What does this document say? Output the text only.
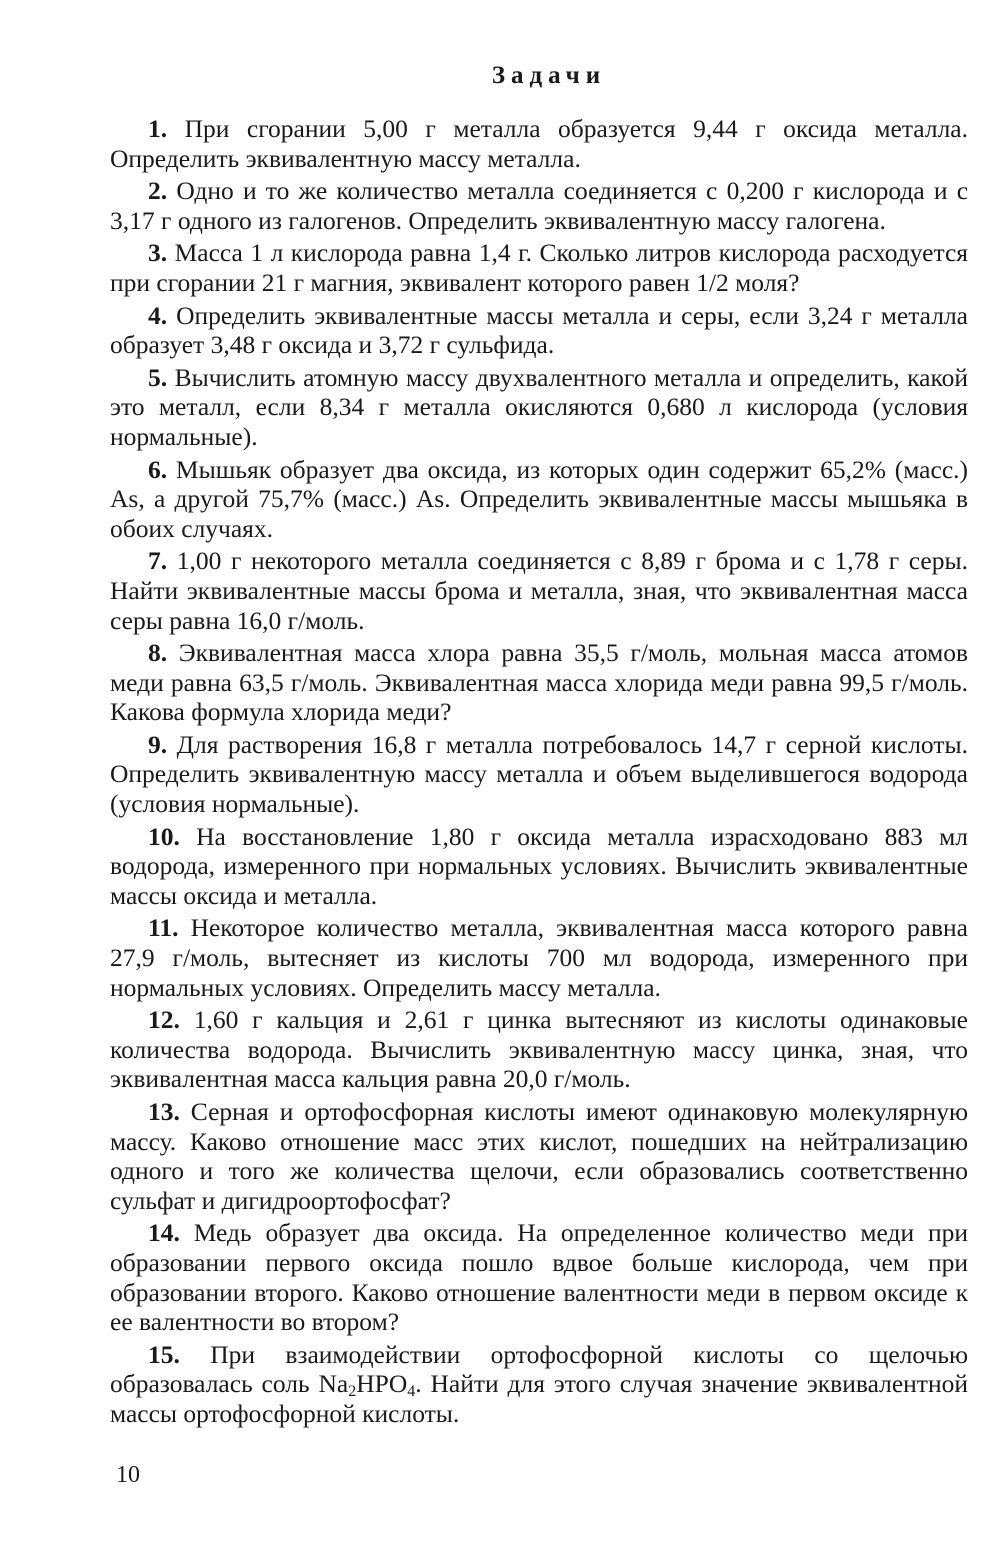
Задачи

1. При сгорании 5,00 г металла образуется 9,44 г оксида металла. Определить эквивалентную массу металла.

2. Одно и то же количество металла соединяется с 0,200 г кислорода и с 3,17 г одного из галогенов. Определить эквивалентную массу галогена.

3. Масса 1 л кислорода равна 1,4 г. Сколько литров кислорода расходуется при сгорании 21 г магния, эквивалент которого равен 1/2 моля?

4. Определить эквивалентные массы металла и серы, если 3,24 г металла образует 3,48 г оксида и 3,72 г сульфида.

5. Вычислить атомную массу двухвалентного металла и определить, какой это металл, если 8,34 г металла окисляются 0,680 л кислорода (условия нормальные).

6. Мышьяк образует два оксида, из которых один содержит 65,2% (масс.) As, а другой 75,7% (масс.) As. Определить эквивалентные массы мышьяка в обоих случаях.

7. 1,00 г некоторого металла соединяется с 8,89 г брома и с 1,78 г серы. Найти эквивалентные массы брома и металла, зная, что эквивалентная масса серы равна 16,0 г/моль.

8. Эквивалентная масса хлора равна 35,5 г/моль, мольная масса атомов меди равна 63,5 г/моль. Эквивалентная масса хлорида меди равна 99,5 г/моль. Какова формула хлорида меди?

9. Для растворения 16,8 г металла потребовалось 14,7 г серной кислоты. Определить эквивалентную массу металла и объем выделившегося водорода (условия нормальные).

10. На восстановление 1,80 г оксида металла израсходовано 883 мл водорода, измеренного при нормальных условиях. Вычислить эквивалентные массы оксида и металла.

11. Некоторое количество металла, эквивалентная масса которого равна 27,9 г/моль, вытесняет из кислоты 700 мл водорода, измеренного при нормальных условиях. Определить массу металла.

12. 1,60 г кальция и 2,61 г цинка вытесняют из кислоты одинаковые количества водорода. Вычислить эквивалентную массу цинка, зная, что эквивалентная масса кальция равна 20,0 г/моль.

13. Серная и ортофосфорная кислоты имеют одинаковую молекулярную массу. Каково отношение масс этих кислот, пошедших на нейтрализацию одного и того же количества щелочи, если образовались соответственно сульфат и дигидроортофосфат?

14. Медь образует два оксида. На определенное количество меди при образовании первого оксида пошло вдвое больше кислорода, чем при образовании второго. Каково отношение валентности меди в первом оксиде к ее валентности во втором?

15. При взаимодействии ортофосфорной кислоты со щелочью образовалась соль $Na_2HPO_4$. Найти для этого случая значение эквивалентной массы ортофосфорной кислоты.

10
